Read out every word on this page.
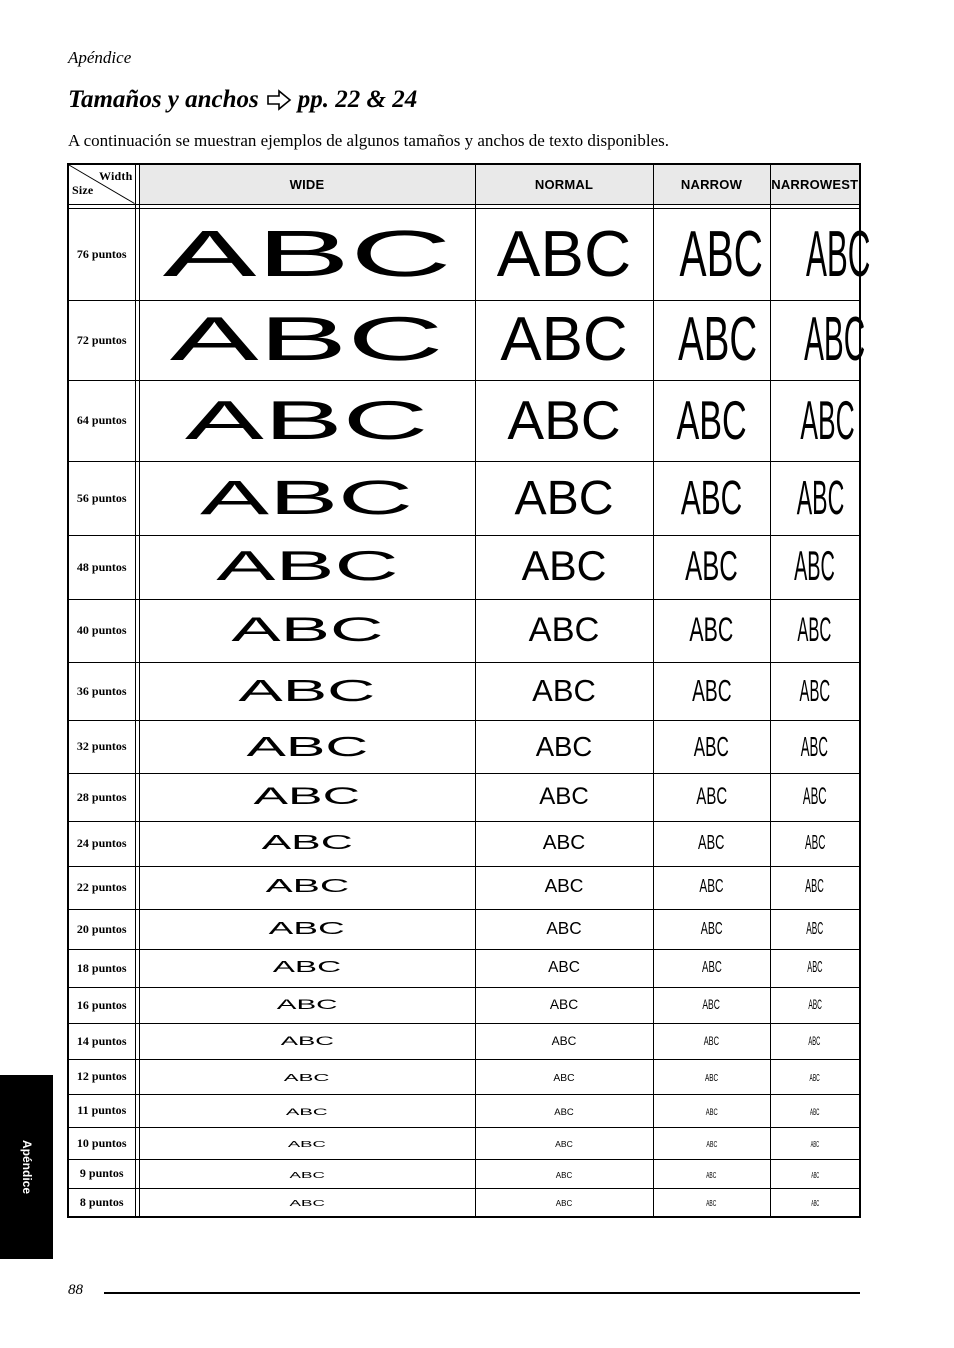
Apéndice
Tamaños y anchos pp. 22 & 24

A continuación se muestran ejemplos de algunos tamaños y anchos de texto disponibles.

Width
Size		WIDE	NORMAL	NARROW	NARROWEST

76 puntos		ABC	ABC	ABC	ABC
72 puntos		ABC	ABC	ABC	ABC
64 puntos		ABC	ABC	ABC	ABC
56 puntos		ABC	ABC	ABC	ABC
48 puntos		ABC	ABC	ABC	ABC
40 puntos		ABC	ABC	ABC	ABC
36 puntos		ABC	ABC	ABC	ABC
32 puntos		ABC	ABC	ABC	ABC
28 puntos		ABC	ABC	ABC	ABC
24 puntos		ABC	ABC	ABC	ABC
22 puntos		ABC	ABC	ABC	ABC
20 puntos		ABC	ABC	ABC	ABC
18 puntos		ABC	ABC	ABC	ABC
16 puntos		ABC	ABC	ABC	ABC
14 puntos		ABC	ABC	ABC	ABC
12 puntos		ABC	ABC	ABC	ABC
11 puntos		ABC	ABC	ABC	ABC
10 puntos		ABC	ABC	ABC	ABC
9 puntos		ABC	ABC	ABC	ABC
8 puntos		ABC	ABC	ABC	ABC
Apéndice
88
